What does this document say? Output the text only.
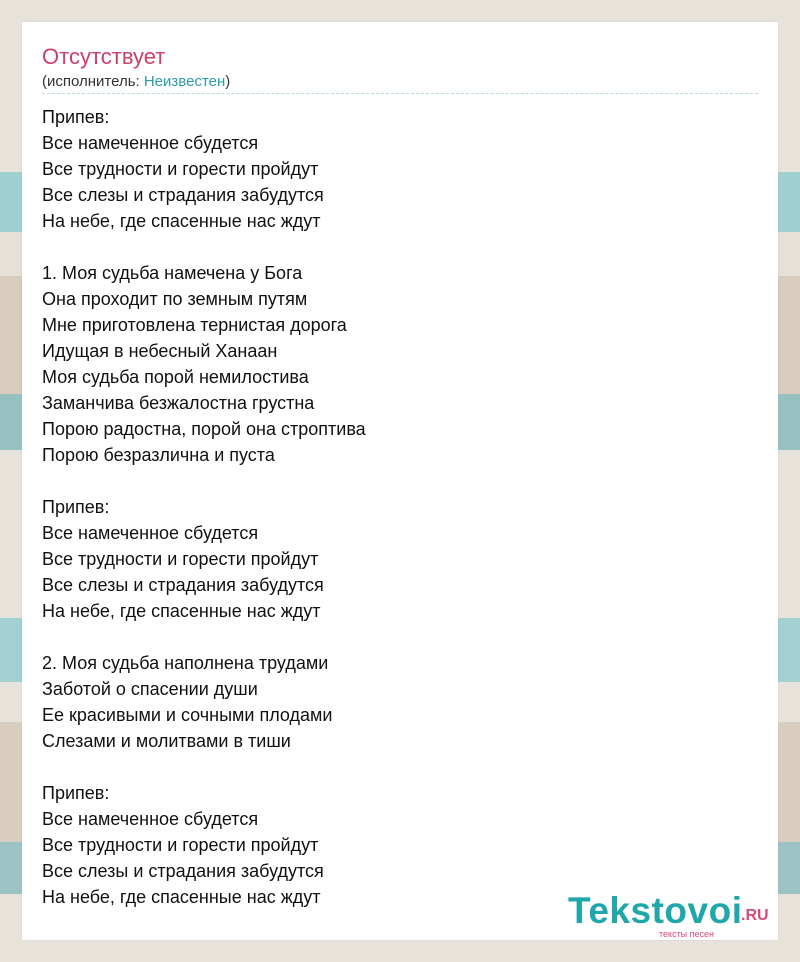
Отсутствует
(исполнитель: Неизвестен)
Припев:
Все намеченное сбудется
Все трудности и горести пройдут
Все слезы и страдания забудутся
На небе, где спасенные нас ждут
1. Моя судьба намечена у Бога
Она проходит по земным путям
Мне приготовлена тернистая дорога
Идущая в небесный Ханаан
Моя судьба порой немилостива
Заманчива безжалостна грустна
Порою радостна, порой она строптива
Порою безразлична и пуста
Припев:
Все намеченное сбудется
Все трудности и горести пройдут
Все слезы и страдания забудутся
На небе, где спасенные нас ждут
2. Моя судьба наполнена трудами
Заботой о спасении души
Ее красивыми и сочными плодами
Слезами и молитвами в тиши
Припев:
Все намеченное сбудется
Все трудности и горести пройдут
Все слезы и страдания забудутся
На небе, где спасенные нас ждут	Tekstovoi
.RU
тексты песен
